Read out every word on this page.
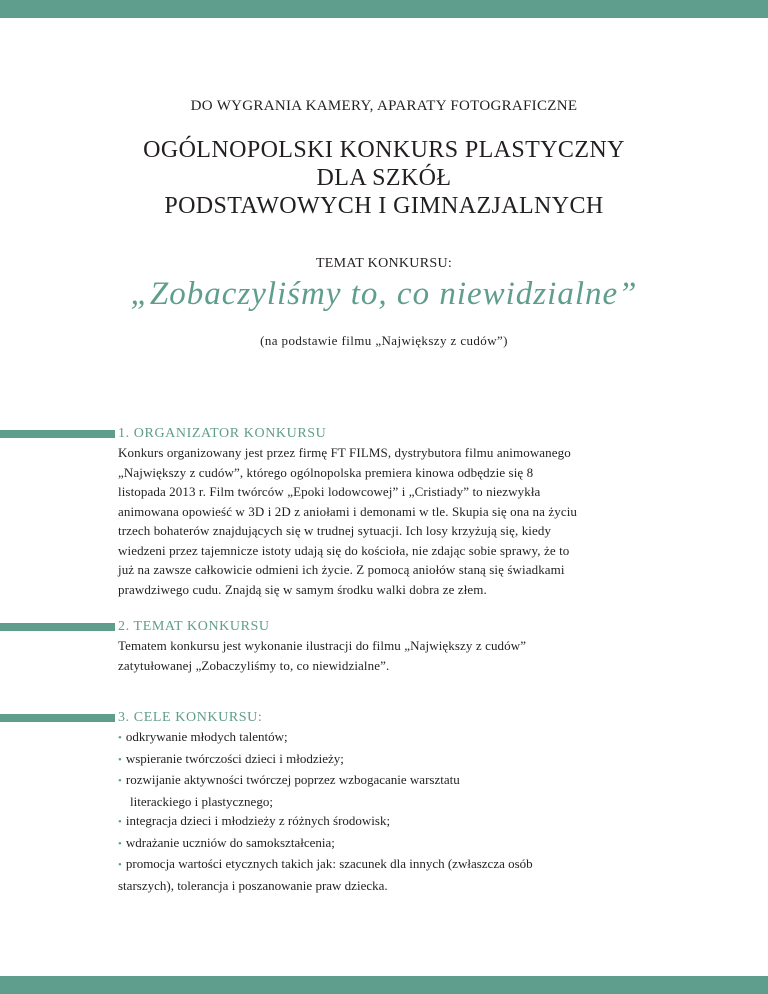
DO WYGRANIA KAMERY, APARATY FOTOGRAFICZNE
OGÓLNOPOLSKI KONKURS PLASTYCZNY
DLA SZKÓŁ
PODSTAWOWYCH I GIMNAZJALNYCH
TEMAT KONKURSU:
„Zobaczyliśmy to, co niewidzialne”
(na podstawie filmu „Największy z cudów”)

1. ORGANIZATOR KONKURSU

Konkurs organizowany jest przez firmę FT FILMS, dystrybutora filmu animowanego
„Największy z cudów”, którego ogólnopolska premiera kinowa odbędzie się 8
listopada 2013 r. Film twórców „Epoki lodowcowej” i „Cristiady” to niezwykła
animowana opowieść w 3D i 2D z aniołami i demonami w tle. Skupia się ona na życiu
trzech bohaterów znajdujących się w trudnej sytuacji. Ich losy krzyżują się, kiedy
wiedzeni przez tajemnicze istoty udają się do kościoła, nie zdając sobie sprawy, że to
już na zawsze całkowicie odmieni ich życie. Z pomocą aniołów staną się świadkami
prawdziwego cudu. Znajdą się w samym środku walki dobra ze złem.

2. TEMAT KONKURSU

Tematem konkursu jest wykonanie ilustracji do filmu „Największy z cudów”
zatytułowanej „Zobaczyliśmy to, co niewidzialne”.

3. CELE KONKURSU:

• odkrywanie młodych talentów;
• wspieranie twórczości dzieci i młodzieży;
• rozwijanie aktywności twórczej poprzez wzbogacanie warsztatu
literackiego i plastycznego;
• integracja dzieci i młodzieży z różnych środowisk;
• wdrażanie uczniów do samokształcenia;
• promocja wartości etycznych takich jak: szacunek dla innych (zwłaszcza osób
starszych), tolerancja i poszanowanie praw dziecka.
